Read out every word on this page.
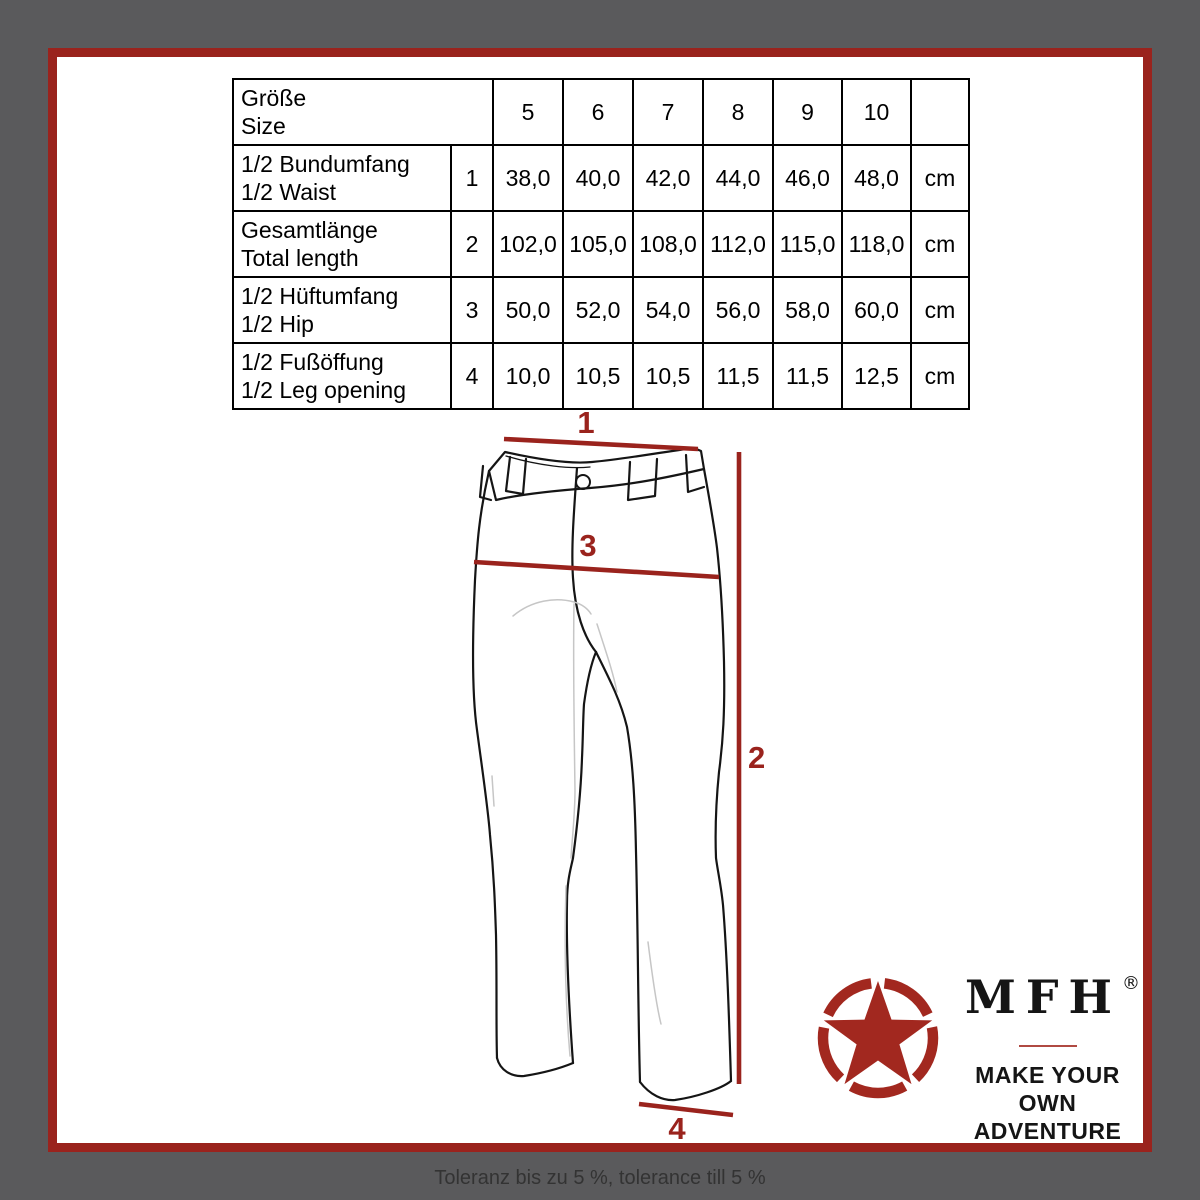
Größe
Size		5	6	7	8	9	10	

1/2 Bundumfang
1/2 Waist	1	38,0	40,0	42,0	44,0	46,0	48,0	cm

Gesamtlänge
Total length	2	102,0	105,0	108,0	112,0	115,0	118,0	cm

1/2 Hüftumfang
1/2 Hip	3	50,0	52,0	54,0	56,0	58,0	60,0	cm

1/2 Fußöffung
1/2 Leg opening	4	10,0	10,5	10,5	11,5	11,5	12,5	cm
1
3
2
4
MFH®
MAKE YOUR OWN
ADVENTURE
Toleranz bis zu 5 %, tolerance till 5 %
